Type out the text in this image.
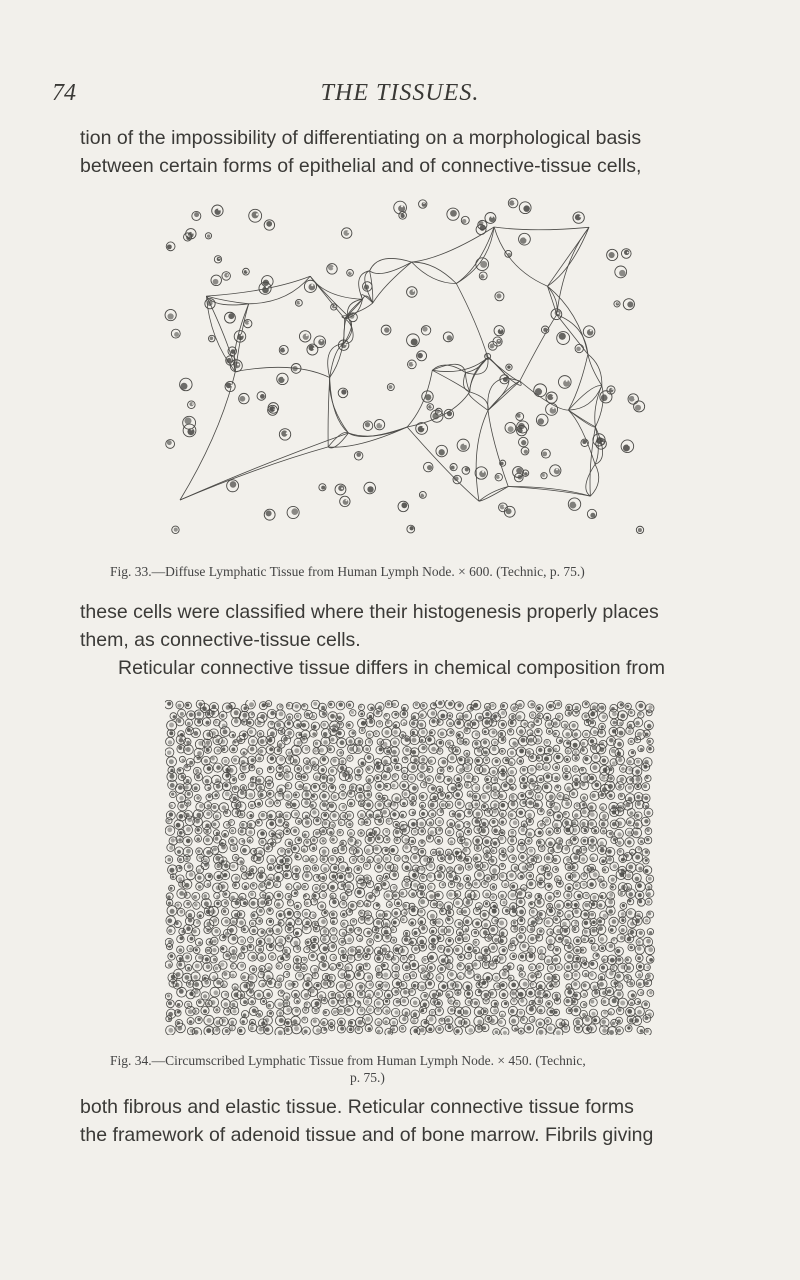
74	THE TISSUES.
tion of the impossibility of differentiating on a morphological basis
between certain forms of epithelial and of connective-tissue cells,
Fig. 33.—Diffuse Lymphatic Tissue from Human Lymph Node. × 600. (Technic, p. 75.)
these cells were classified where their histogenesis properly places
them, as connective-tissue cells.
Reticular connective tissue differs in chemical composition from
Fig. 34.—Circumscribed Lymphatic Tissue from Human Lymph Node. × 450. (Technic,
p. 75.)
both fibrous and elastic tissue. Reticular connective tissue forms
the framework of adenoid tissue and of bone marrow. Fibrils giving
